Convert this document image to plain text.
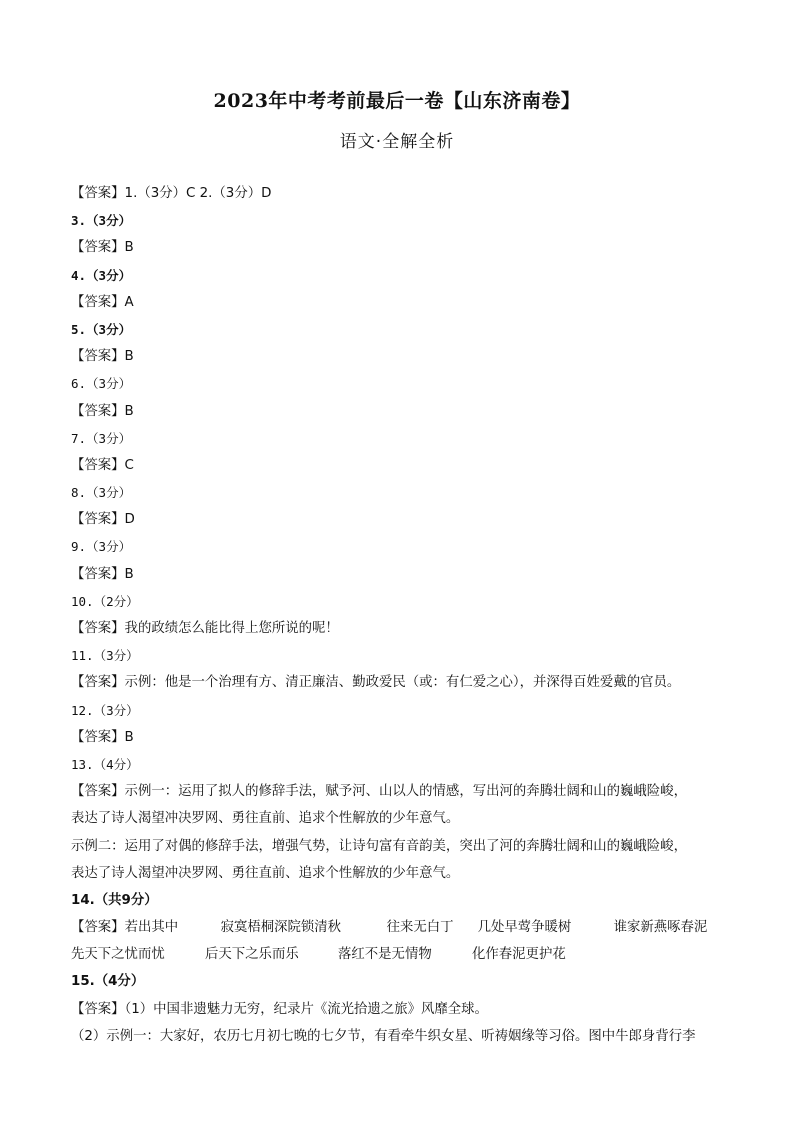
2023年中考考前最后一卷【山东济南卷】
语文·全解全析
【答案】1.（3分）C 2.（3分）D
3.（3分）
【答案】B
4.（3分）
【答案】A
5.（3分）
【答案】B
6.（3分）
【答案】B
7.（3分）
【答案】C
8.（3分）
【答案】D
9.（3分）
【答案】B
10.（2分）
【答案】我的政绩怎么能比得上您所说的呢！
11.（3分）
【答案】示例：他是一个治理有方、清正廉洁、勤政爱民（或：有仁爱之心），并深得百姓爱戴的官员。
12.（3分）
【答案】B
13.（4分）
【答案】示例一：运用了拟人的修辞手法，赋予河、山以人的情感，写出河的奔腾壮阔和山的巍峨险峻，
表达了诗人渴望冲决罗网、勇往直前、追求个性解放的少年意气。
示例二：运用了对偶的修辞手法，增强气势，让诗句富有音韵美，突出了河的奔腾壮阔和山的巍峨险峻，
表达了诗人渴望冲决罗网、勇往直前、追求个性解放的少年意气。
14.（共9分）
【答案】若出其中	寂寞梧桐深院锁清秋	往来无白丁 几处早莺争暖树	谁家新燕啄春泥
先天下之忧而忧	后天下之乐而乐	落红不是无情物	化作春泥更护花
15.（4分）
【答案】（1）中国非遗魅力无穷，纪录片《流光拾遗之旅》风靡全球。
（2）示例一：大家好，农历七月初七晚的七夕节，有看牵牛织女星、听祷姻缘等习俗。图中牛郎身背行李
